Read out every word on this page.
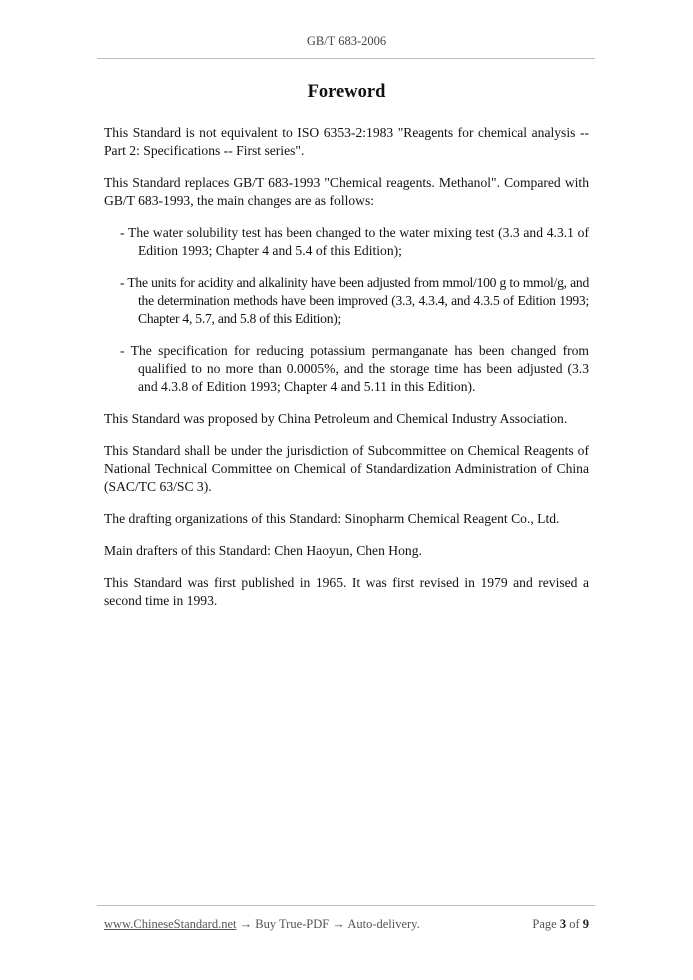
GB/T 683-2006
Foreword

This Standard is not equivalent to ISO 6353-2:1983 "Reagents for chemical analysis -- Part 2: Specifications -- First series".

This Standard replaces GB/T 683-1993 "Chemical reagents. Methanol". Compared with GB/T 683-1993, the main changes are as follows:

- The water solubility test has been changed to the water mixing test (3.3 and 4.3.1 of Edition 1993; Chapter 4 and 5.4 of this Edition);

- The units for acidity and alkalinity have been adjusted from mmol/100 g to mmol/g, and the determination methods have been improved (3.3, 4.3.4, and 4.3.5 of Edition 1993; Chapter 4, 5.7, and 5.8 of this Edition);

- The specification for reducing potassium permanganate has been changed from qualified to no more than 0.0005%, and the storage time has been adjusted (3.3 and 4.3.8 of Edition 1993; Chapter 4 and 5.11 in this Edition).

This Standard was proposed by China Petroleum and Chemical Industry Association.

This Standard shall be under the jurisdiction of Subcommittee on Chemical Reagents of National Technical Committee on Chemical of Standardization Administration of China (SAC/TC 63/SC 3).

The drafting organizations of this Standard: Sinopharm Chemical Reagent Co., Ltd.

Main drafters of this Standard: Chen Haoyun, Chen Hong.

This Standard was first published in 1965. It was first revised in 1979 and revised a second time in 1993.

www.ChineseStandard.net → Buy True-PDF → Auto-delivery.	Page 3 of 9
